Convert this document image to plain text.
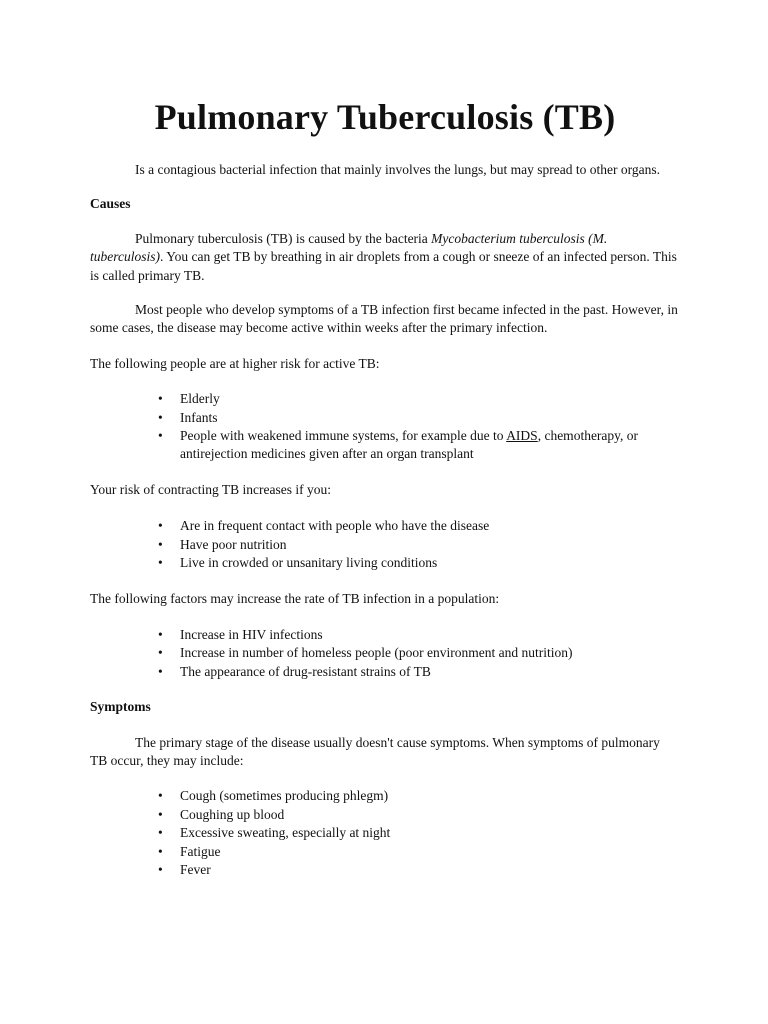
Pulmonary Tuberculosis (TB)

Is a contagious bacterial infection that mainly involves the lungs, but may spread to other organs.

Causes

Pulmonary tuberculosis (TB) is caused by the bacteria Mycobacterium tuberculosis (M. tuberculosis). You can get TB by breathing in air droplets from a cough or sneeze of an infected person. This is called primary TB.

Most people who develop symptoms of a TB infection first became infected in the past. However, in some cases, the disease may become active within weeks after the primary infection.

The following people are at higher risk for active TB:

• Elderly
• Infants
• People with weakened immune systems, for example due to AIDS, chemotherapy, or antirejection medicines given after an organ transplant

Your risk of contracting TB increases if you:

• Are in frequent contact with people who have the disease
• Have poor nutrition
• Live in crowded or unsanitary living conditions

The following factors may increase the rate of TB infection in a population:

• Increase in HIV infections
• Increase in number of homeless people (poor environment and nutrition)
• The appearance of drug-resistant strains of TB

Symptoms

The primary stage of the disease usually doesn't cause symptoms. When symptoms of pulmonary TB occur, they may include:

• Cough (sometimes producing phlegm)
• Coughing up blood
• Excessive sweating, especially at night
• Fatigue
• Fever
